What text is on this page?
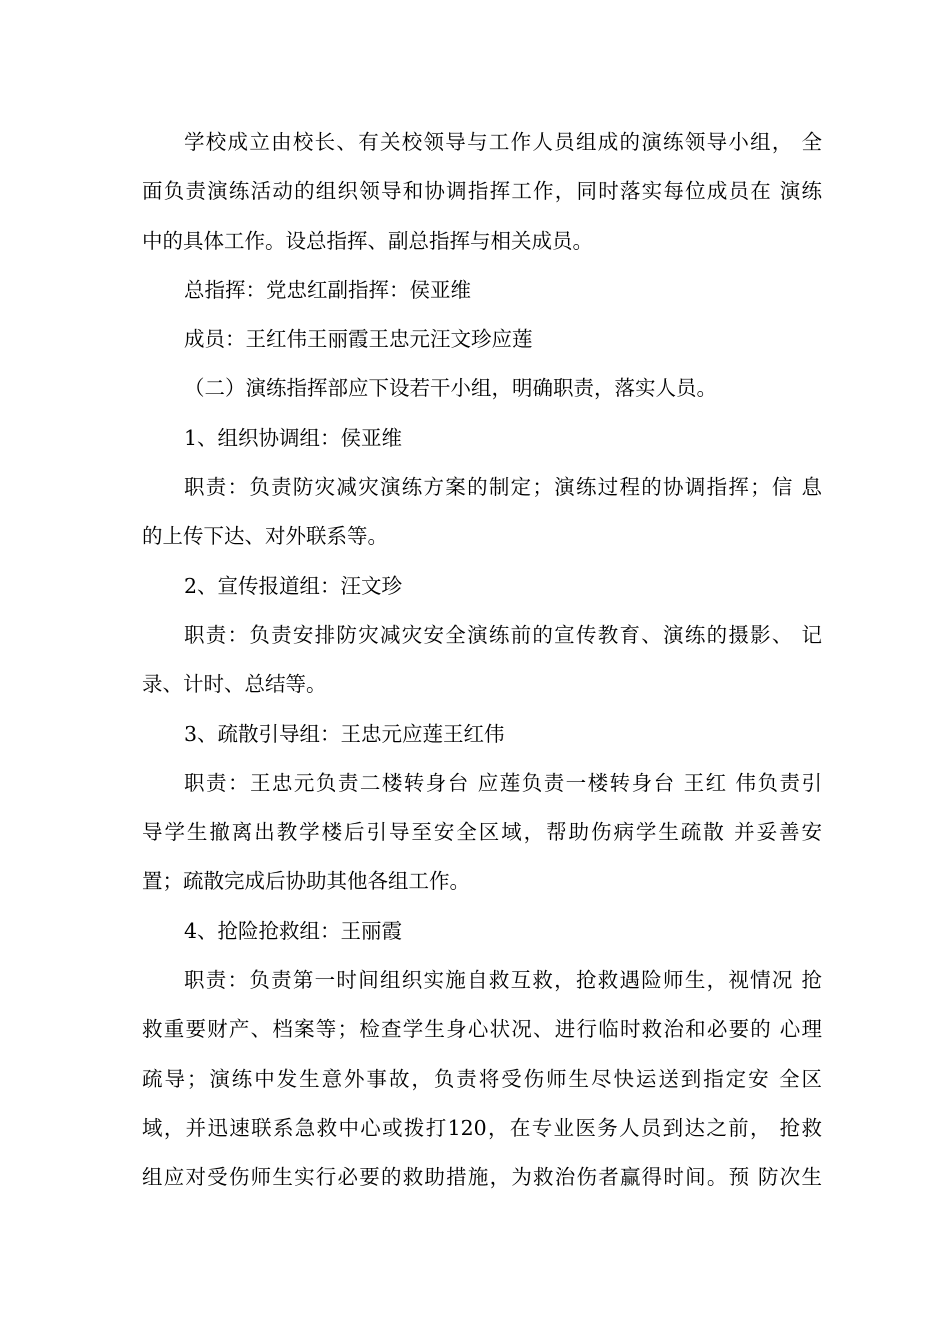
学校成立由校长、有关校领导与工作人员组成的演练领导小组， 全
面负责演练活动的组织领导和协调指挥工作，同时落实每位成员在 演练
中的具体工作。设总指挥、副总指挥与相关成员。
总指挥：党忠红副指挥：侯亚维
成员：王红伟王丽霞王忠元汪文珍应莲
（二）演练指挥部应下设若干小组，明确职责，落实人员。
1、组织协调组：侯亚维
职责：负责防灾减灾演练方案的制定；演练过程的协调指挥；信 息
的上传下达、对外联系等。
2、宣传报道组：汪文珍
职责：负责安排防灾减灾安全演练前的宣传教育、演练的摄影、 记
录、计时、总结等。
3、疏散引导组：王忠元应莲王红伟
职责：王忠元负责二楼转身台 应莲负责一楼转身台 王红 伟负责引
导学生撤离出教学楼后引导至安全区域，帮助伤病学生疏散 并妥善安
置；疏散完成后协助其他各组工作。
4、抢险抢救组：王丽霞
职责：负责第一时间组织实施自救互救，抢救遇险师生，视情况 抢
救重要财产、档案等；检查学生身心状况、进行临时救治和必要的 心理
疏导；演练中发生意外事故，负责将受伤师生尽快运送到指定安 全区
域，并迅速联系急救中心或拨打120，在专业医务人员到达之前， 抢救
组应对受伤师生实行必要的救助措施，为救治伤者赢得时间。预 防次生
